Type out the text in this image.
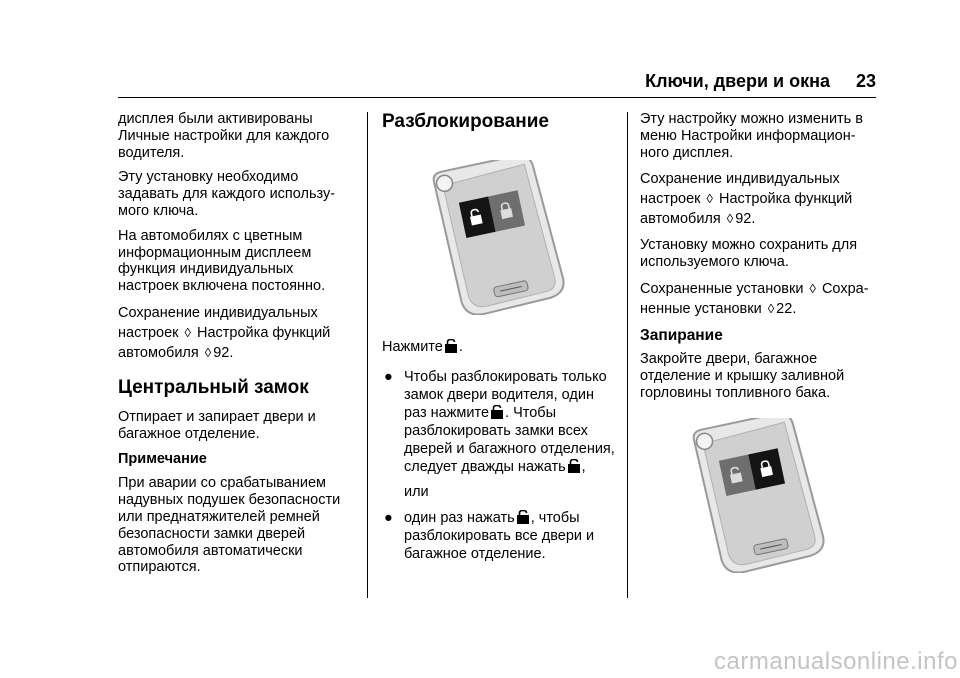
Ключи, двери и окна	23

дисплея были активированы
Личные настройки для каждого
водителя.

Эту установку необходимо
задавать для каждого использу-
мого ключа.

На автомобилях с цветным
информационным дисплеем
функция индивидуальных
настроек включена постоянно.

Сохранение индивидуальных
настроек ◊ Настройка функций
автомобиля ◊ 92.

Центральный замок

Отпирает и запирает двери и
багажное отделение.

Примечание

При аварии со срабатыванием
надувных подушек безопасности
или преднатяжителей ремней
безопасности замки дверей
автомобиля автоматически
отпираются.

Разблокирование

Нажмите .

● Чтобы разблокировать только
замок двери водителя, один
раз нажмите . Чтобы
разблокировать замки всех
дверей и багажного отделения,
следует дважды нажать ,

или

● один раз нажать , чтобы
разблокировать все двери и
багажное отделение.

Эту настройку можно изменить в
меню Настройки информацион-
ного дисплея.

Сохранение индивидуальных
настроек ◊ Настройка функций
автомобиля ◊ 92.

Установку можно сохранить для
используемого ключа.

Сохраненные установки ◊ Сохра-
ненные установки ◊ 22.

Запирание

Закройте двери, багажное
отделение и крышку заливной
горловины топливного бака.

carmanualsonline.info
